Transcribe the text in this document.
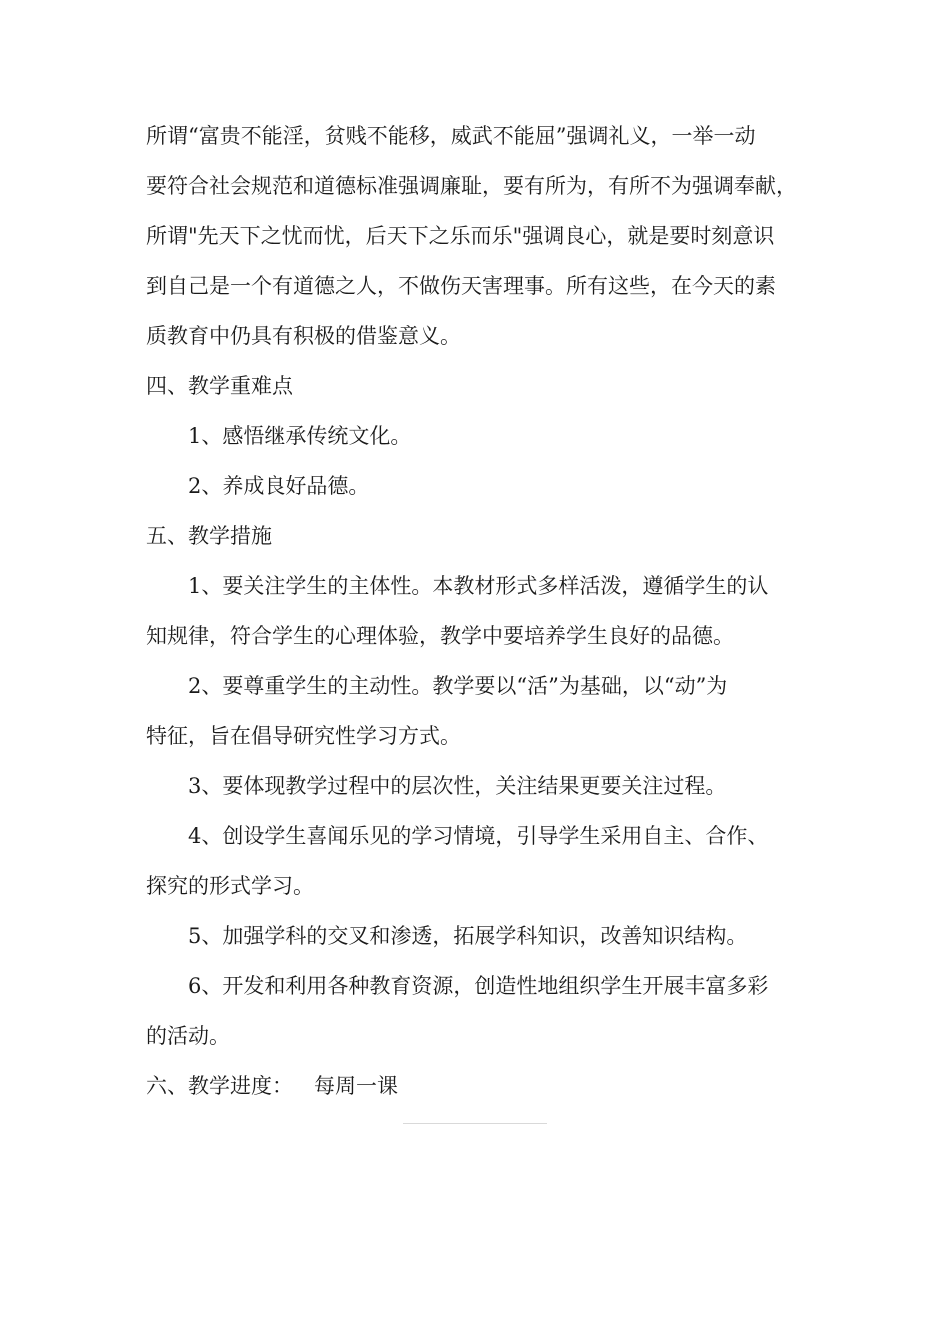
所谓“富贵不能淫，贫贱不能移，威武不能屈”强调礼义，一举一动
要符合社会规范和道德标准强调廉耻，要有所为，有所不为强调奉献，
所谓"先天下之忧而忧，后天下之乐而乐"强调良心，就是要时刻意识
到自己是一个有道德之人，不做伤天害理事。所有这些，在今天的素
质教育中仍具有积极的借鉴意义。
四、教学重难点
1、感悟继承传统文化。
2、养成良好品德。
五、教学措施
1、要关注学生的主体性。本教材形式多样活泼，遵循学生的认
知规律，符合学生的心理体验，教学中要培养学生良好的品德。
2、要尊重学生的主动性。教学要以“活”为基础，以“动”为
特征，旨在倡导研究性学习方式。
3、要体现教学过程中的层次性，关注结果更要关注过程。
4、创设学生喜闻乐见的学习情境，引导学生采用自主、合作、
探究的形式学习。
5、加强学科的交叉和渗透，拓展学科知识，改善知识结构。
6、开发和利用各种教育资源，创造性地组织学生开展丰富多彩
的活动。
六、教学进度： 每周一课
